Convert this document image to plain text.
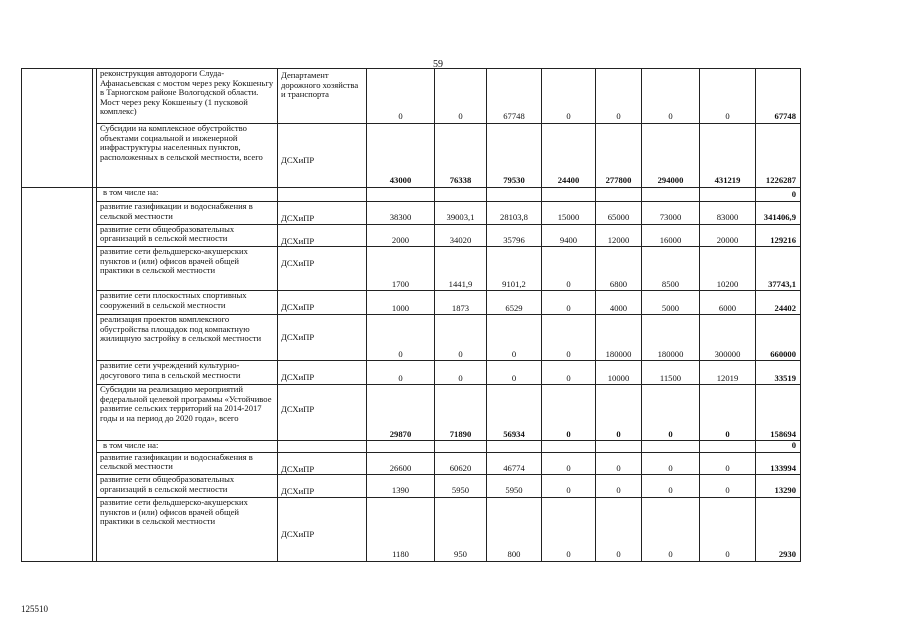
59
		реконструкция автодороги Слуда-Афанасьевская с мостом через реку Кокшеньгу в Тарногском районе Вологодской области. Мост через реку Кокшеньгу (1 пусковой комплекс)	Департамент дорожного хозяйства и транспорта	0	0	67748	0	0	0	0	67748
		Субсидии на комплексное обустройство объектами социальной и инженерной инфраструктуры населенных пунктов, расположенных в сельской местности, всего	ДСХиПР	43000	76338	79530	24400	277800	294000	431219	1226287
		в том числе на:									0
		развитие газификации и водоснабжения в сельской местности	ДСХиПР	38300	39003,1	28103,8	15000	65000	73000	83000	341406,9
		развитие сети общеобразовательных организаций в сельской местности	ДСХиПР	2000	34020	35796	9400	12000	16000	20000	129216
		развитие сети фельдшерско-акушерских пунктов и (или) офисов врачей общей практики в сельской местности	ДСХиПР	1700	1441,9	9101,2	0	6800	8500	10200	37743,1
		развитие сети плоскостных спортивных сооружений в сельской местности	ДСХиПР	1000	1873	6529	0	4000	5000	6000	24402
		реализация проектов комплексного обустройства площадок под компактную жилищную застройку в сельской местности	ДСХиПР	0	0	0	0	180000	180000	300000	660000
		развитие сети учреждений культурно-досугового типа в сельской местности	ДСХиПР	0	0	0	0	10000	11500	12019	33519
		Субсидии на реализацию мероприятий федеральной целевой программы «Устойчивое развитие сельских территорий на 2014-2017 годы и на период до 2020 года», всего	ДСХиПР	29870	71890	56934	0	0	0	0	158694
		в том числе на:									0
		развитие газификации и водоснабжения в сельской местности	ДСХиПР	26600	60620	46774	0	0	0	0	133994
		развитие сети общеобразовательных организаций в сельской местности	ДСХиПР	1390	5950	5950	0	0	0	0	13290
		развитие сети фельдшерско-акушерских пунктов и (или) офисов врачей общей практики в сельской местности	ДСХиПР	1180	950	800	0	0	0	0	2930
125510
